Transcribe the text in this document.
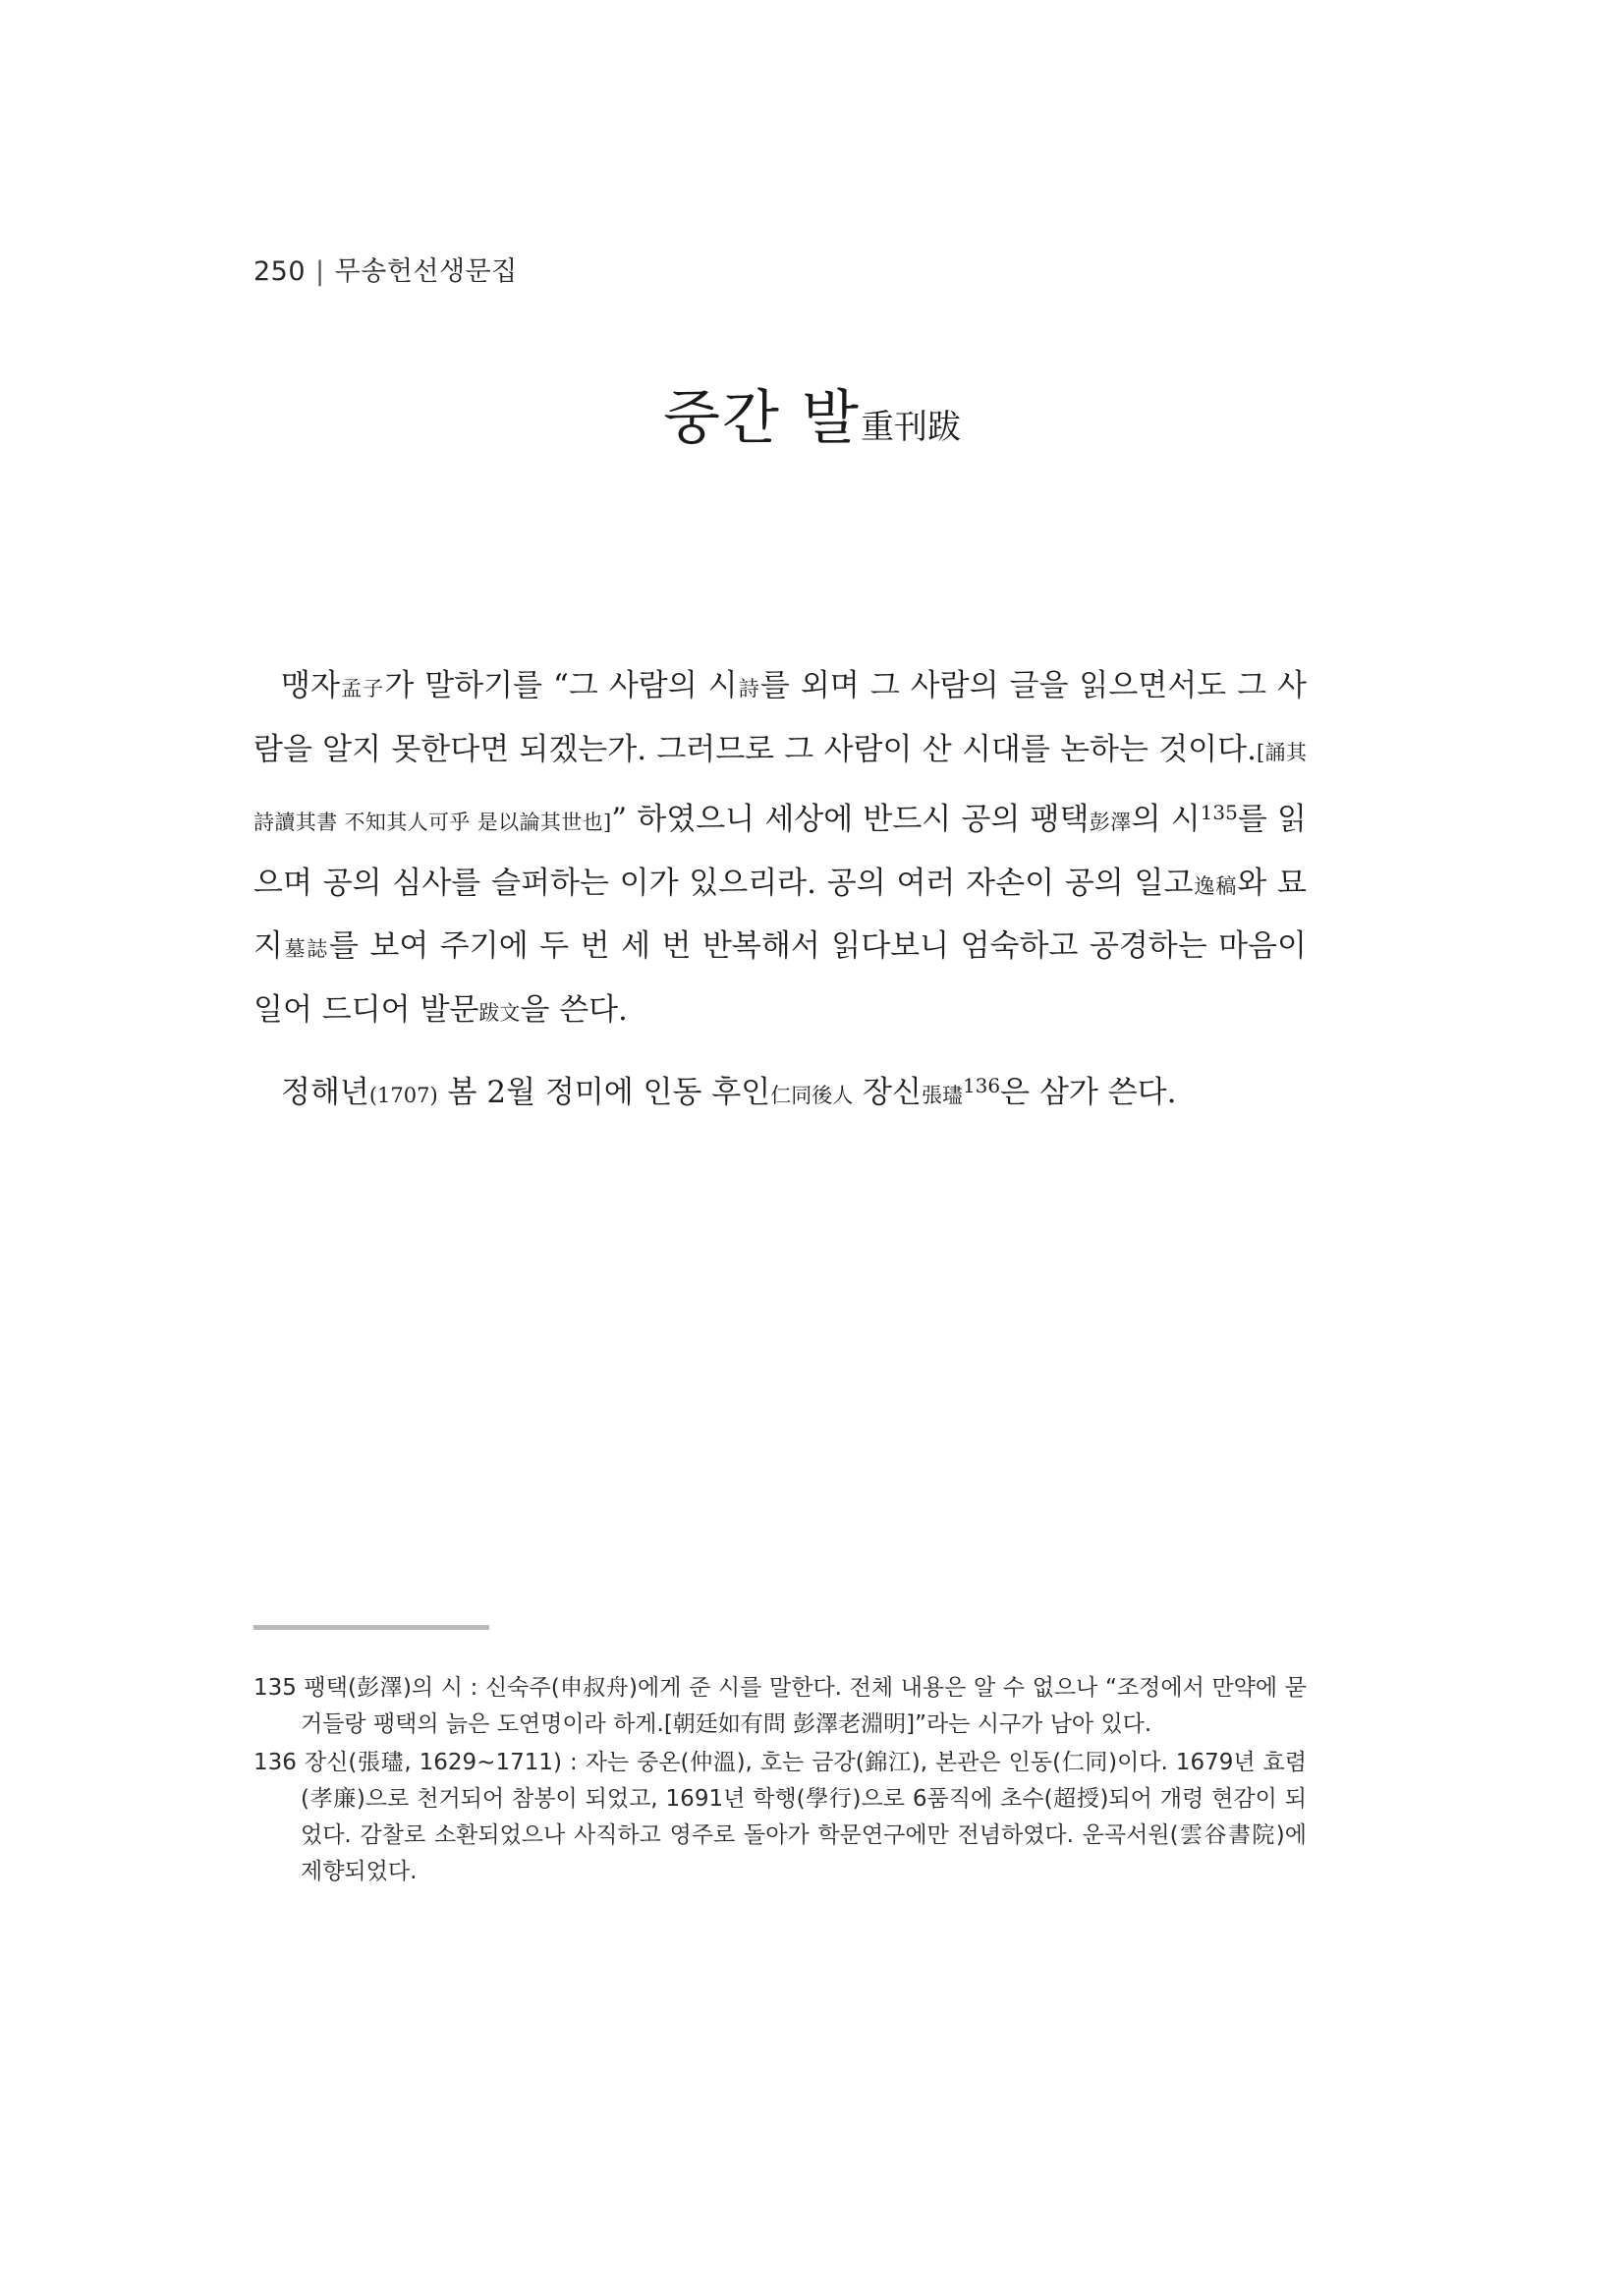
250 | 무송헌선생문집
중간 발重刊跋

맹자孟子가 말하기를 “그 사람의 시詩를 외며 그 사람의 글을 읽으면서도 그 사람을 알지 못한다면 되겠는가. 그러므로 그 사람이 산 시대를 논하는 것이다.[誦其詩讀其書 不知其人可乎 是以論其世也]” 하였으니 세상에 반드시 공의 팽택彭澤의 시$^{135}$를 읽으며 공의 심사를 슬퍼하는 이가 있으리라. 공의 여러 자손이 공의 일고逸稿와 묘지墓誌를 보여 주기에 두 번 세 번 반복해서 읽다보니 엄숙하고 공경하는 마음이 일어 드디어 발문跋文을 쓴다.

정해년(1707) 봄 2월 정미에 인동 후인仁同後人 장신張璶$^{136}$은 삼가 쓴다.

135 팽택(彭澤)의 시 : 신숙주(申叔舟)에게 준 시를 말한다. 전체 내용은 알 수 없으나 “조정에서 만약에 묻거들랑 팽택의 늙은 도연명이라 하게.[朝廷如有問 彭澤老淵明]”라는 시구가 남아 있다.

136 장신(張璶, 1629~1711) : 자는 중온(仲溫), 호는 금강(錦江), 본관은 인동(仁同)이다. 1679년 효렴(孝廉)으로 천거되어 참봉이 되었고, 1691년 학행(學行)으로 6품직에 초수(超授)되어 개령 현감이 되었다. 감찰로 소환되었으나 사직하고 영주로 돌아가 학문연구에만 전념하였다. 운곡서원(雲谷書院)에 제향되었다.
